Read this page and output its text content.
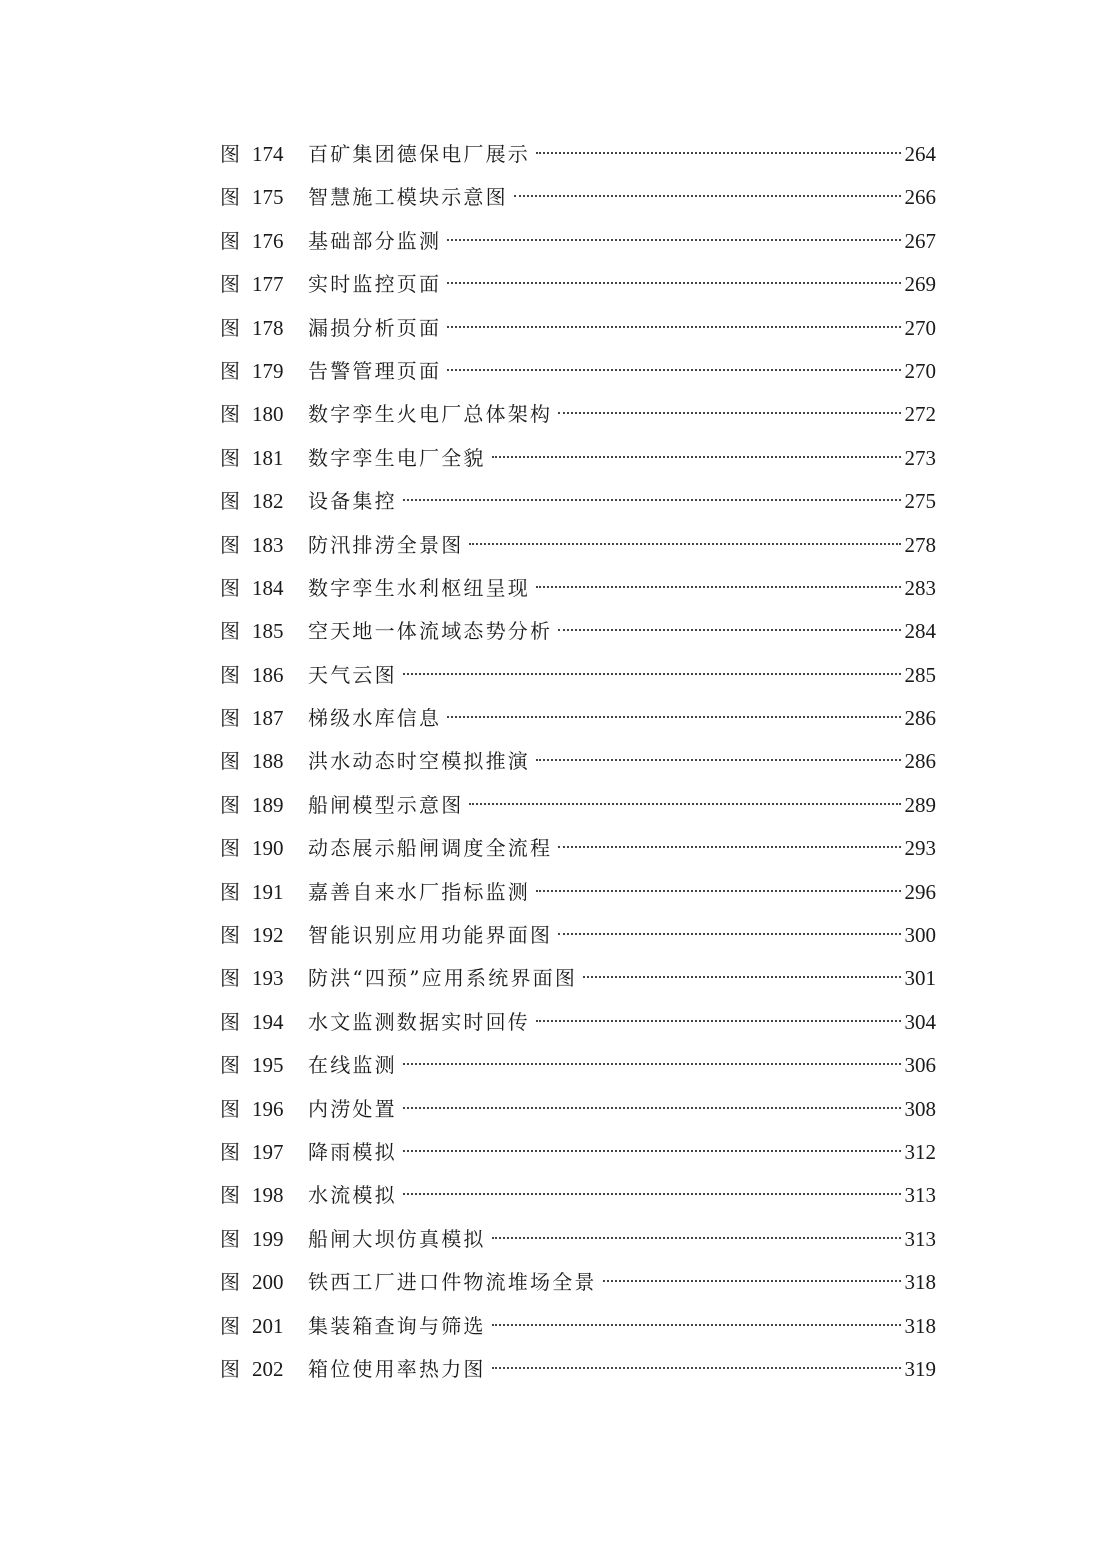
图 174	百矿集团德保电厂展示	264
图 175	智慧施工模块示意图	266
图 176	基础部分监测	267
图 177	实时监控页面	269
图 178	漏损分析页面	270
图 179	告警管理页面	270
图 180	数字孪生火电厂总体架构	272
图 181	数字孪生电厂全貌	273
图 182	设备集控	275
图 183	防汛排涝全景图	278
图 184	数字孪生水利枢纽呈现	283
图 185	空天地一体流域态势分析	284
图 186	天气云图	285
图 187	梯级水库信息	286
图 188	洪水动态时空模拟推演	286
图 189	船闸模型示意图	289
图 190	动态展示船闸调度全流程	293
图 191	嘉善自来水厂指标监测	296
图 192	智能识别应用功能界面图	300
图 193	防洪“四预”应用系统界面图	301
图 194	水文监测数据实时回传	304
图 195	在线监测	306
图 196	内涝处置	308
图 197	降雨模拟	312
图 198	水流模拟	313
图 199	船闸大坝仿真模拟	313
图 200	铁西工厂进口件物流堆场全景	318
图 201	集装箱查询与筛选	318
图 202	箱位使用率热力图	319
